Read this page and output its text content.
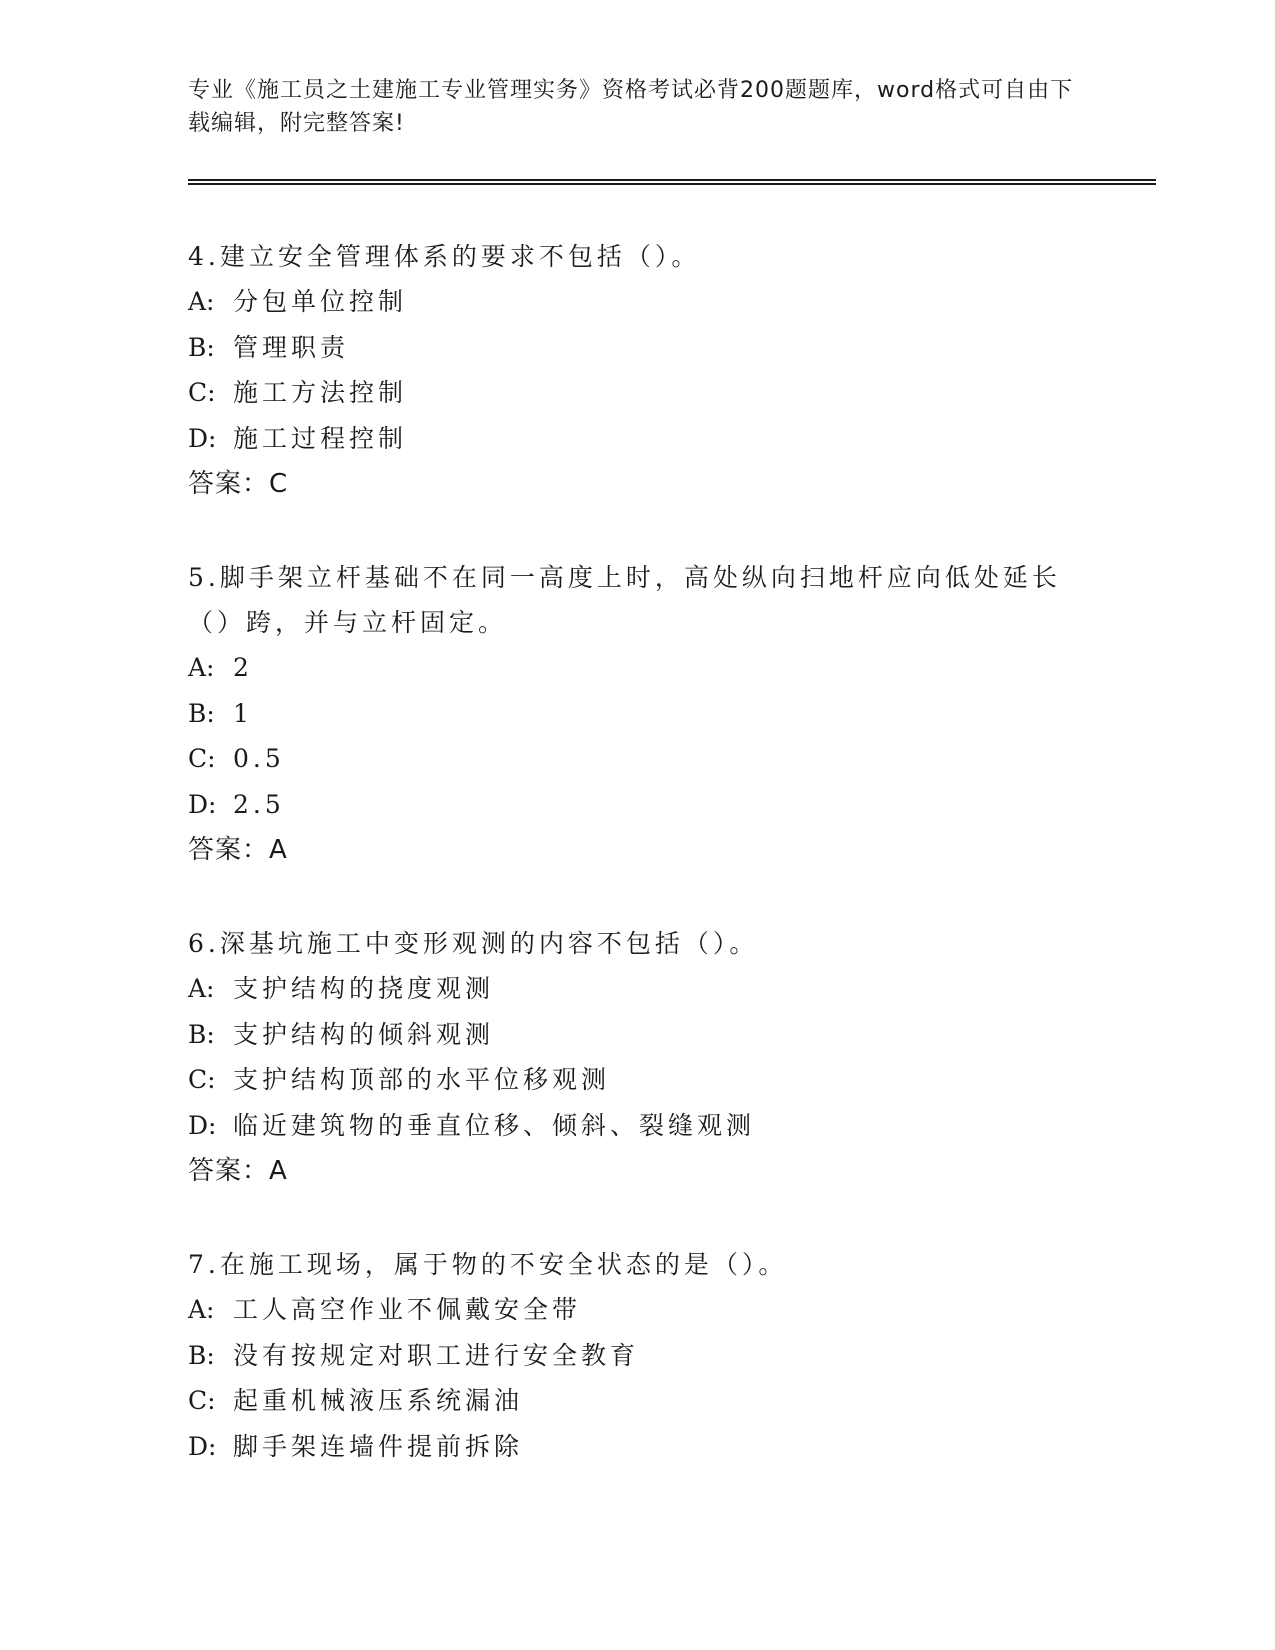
专业《施工员之土建施工专业管理实务》资格考试必背200题题库，word格式可自由下载编辑，附完整答案!
4.建立安全管理体系的要求不包括（）。
A: 分包单位控制
B: 管理职责
C: 施工方法控制
D: 施工过程控制
答案：C
5.脚手架立杆基础不在同一高度上时，高处纵向扫地杆应向低处延长（）跨，并与立杆固定。
A: 2
B: 1
C: 0.5
D: 2.5
答案：A
6.深基坑施工中变形观测的内容不包括（）。
A: 支护结构的挠度观测
B: 支护结构的倾斜观测
C: 支护结构顶部的水平位移观测
D: 临近建筑物的垂直位移、倾斜、裂缝观测
答案：A
7.在施工现场，属于物的不安全状态的是（）。
A: 工人高空作业不佩戴安全带
B: 没有按规定对职工进行安全教育
C: 起重机械液压系统漏油
D: 脚手架连墙件提前拆除
